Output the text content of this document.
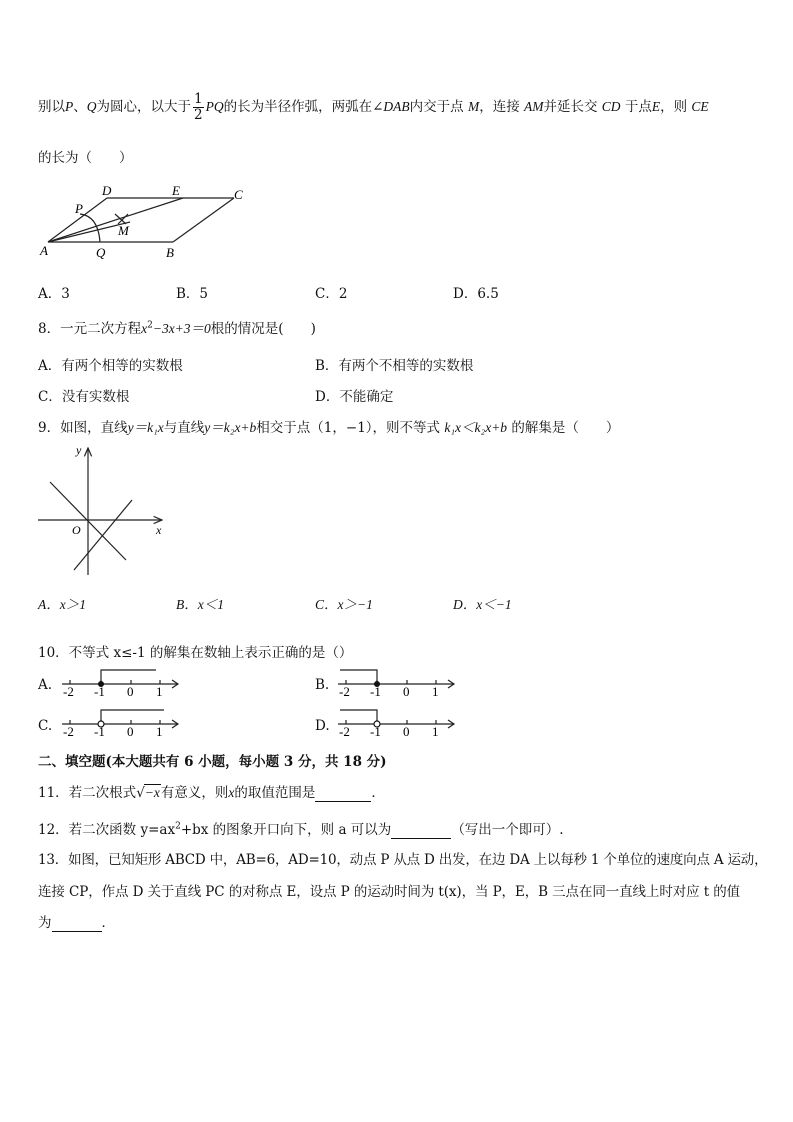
别以P、Q为圆心，以大于 $\frac{1}{2}$ PQ的长为半径作弧，两弧在∠DAB内交于点 M，连接 AM并延长交 CD 于点E，则 CE
的长为（　　）
D	E	C
P
M
A	Q	B
A．3	B．5	C．2	D．6.5
8．一元二次方程$x^2-3x+3=0$根的情况是(　　)
A．有两个相等的实数根	B．有两个不相等的实数根
C．没有实数根	D．不能确定
9．如图，直线y＝k₁x与直线y＝k₂x+b相交于点（1，−1），则不等式 k₁x＜k₂x+b 的解集是（　　）
y
x
O
A．x＞1	B．x＜1	C．x＞−1	D．x＜−1
10．不等式 x≤-1 的解集在数轴上表示正确的是（）
A. -2 -1 0 1	B. -2 -1 0 1
C. -2 -1 0 1	D. -2 -1 0 1
二、填空题(本大题共有 6 小题，每小题 3 分，共 18 分)
11．若二次根式√−x有意义，则x的取值范围是	．
12．若二次函数 $y=ax^2+bx$ 的图象开口向下，则 a 可以为	（写出一个即可）.
13．如图，已知矩形 ABCD 中，AB=6，AD=10，动点 P 从点 D 出发，在边 DA 上以每秒 1 个单位的速度向点 A 运动，
连接 CP，作点 D 关于直线 PC 的对称点 E，设点 P 的运动时间为 t(x)，当 P，E，B 三点在同一直线上时对应 t 的值
为	．
